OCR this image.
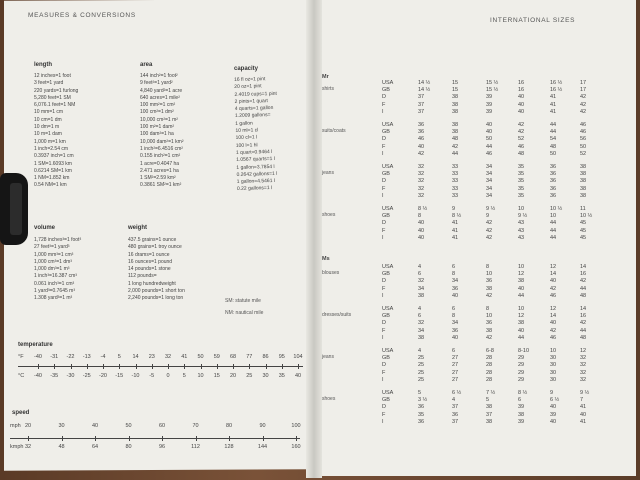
MEASURES & CONVERSIONS
length
12 inches=1 foot
3 feet=1 yard
220 yards=1 furlong
5,280 feet=1 SM
6,076.1 feet=1 NM
10 mm=1 cm
10 cm=1 dm
10 dm=1 m
10 m=1 dam
1,000 m=1 km
1 inch=2.54 cm
0.3937 inch=1 cm
1 SM=1.6093 km
0.6214 SM=1 km
1 NM=1.852 km
0.54 NM=1 km
area
144 inch²=1 foot²
9 feet²=1 yard²
4,840 yard²=1 acre
640 acres=1 mile²
100 mm²=1 cm²
100 cm²=1 dm²
10,000 cm²=1 m²
100 m²=1 dam²
100 dam²=1 ha
10,000 dam²=1 km²
1 inch²=6.4516 cm²
0.155 inch²=1 cm²
1 acre=0.4047 ha
2.471 acres=1 ha
1 SM²=2.59 km²
0.3861 SM²=1 km²
capacity
16 fl oz=1 pint
20 oz=1 pint
2.4019 cups=1 pint
2 pints=1 quart
4 quarts=1 gallon
1.2009 gallons=
1 gallon
10 ml=1 cl
100 cl=1 l
100 l=1 hl
1 quart=0.9464 l
1.0567 quarts=1 l
1 gallon=3.7854 l
0.2642 gallons=1 l
1 gallon=4.5461 l
0.22 gallons=1 l
volume
1,728 inches³=1 foot³
27 feet³=1 yard³
1,000 mm³=1 cm³
1,000 cm³=1 dm³
1,000 dm³=1 m³
1 inch³=16.387 cm³
0.061 inch³=1 cm³
1 yard³=0.7645 m³
1.308 yard³=1 m³
weight
437.5 grains=1 ounce
480 grains=1 troy ounce
16 drams=1 ounce
16 ounces=1 pound
14 pounds=1 stone
112 pounds=
1 long hundredweight
2,000 pounds=1 short ton
2,240 pounds=1 long ton	SM: statute mile
NM: nautical mile
temperature
°F -40 -31 -22 -13 -4 5 14 23 32 41 50 59 68 77 86 95 104
°C -40 -35 -30 -25 -20 -15 -10 -5 0 5 10 15 20 25 30 35 40
speed
mph 20	30	40	50	60	70	80	90	100
kmph 32	48	64	80	96	112	128	144	160
INTERNATIONAL SIZES
Mr
shirts
USA	14 ½	15	15 ½	16	16 ½	17
GB	14 ½	15	15 ½	16	16 ½	17
D	37	38	39	40	41	42
F	37	38	39	40	41	42
I	37	38	39	40	41	42
suits/coats
USA	36	38	40	42	44	46
GB	36	38	40	42	44	46
D	46	48	50	52	54	56
F	40	42	44	46	48	50
I	42	44	46	48	50	52
jeans
USA	32	33	34	35	36	38
GB	32	33	34	35	36	38
D	32	33	34	35	36	38
F	32	33	34	35	36	38
I	32	33	34	35	36	38
shoes
USA	8 ½	9	9 ½	10	10 ½	11
GB	8	8 ½	9	9 ½	10	10 ½
D	40	41	42	43	44	45
F	40	41	42	43	44	45
I	40	41	42	43	44	45
Ms
blouses
USA	4	6	8	10	12	14
GB	6	8	10	12	14	16
D	32	34	36	38	40	42
F	34	36	38	40	42	44
I	38	40	42	44	46	48
dresses/suits
USA	4	6	8	10	12	14
GB	6	8	10	12	14	16
D	32	34	36	38	40	42
F	34	36	38	40	42	44
I	38	40	42	44	46	48
jeans
USA	4	6	6-8	8-10	10	12
GB	25	27	28	29	30	32
D	25	27	28	29	30	32
F	25	27	28	29	30	32
I	25	27	28	29	30	32
shoes
USA	5	6 ½	7 ½	8 ½	9	9 ½
GB	3 ½	4	5	6	6 ½	7
D	36	37	38	39	40	41
F	35	36	37	38	39	40
I	36	37	38	39	40	41
